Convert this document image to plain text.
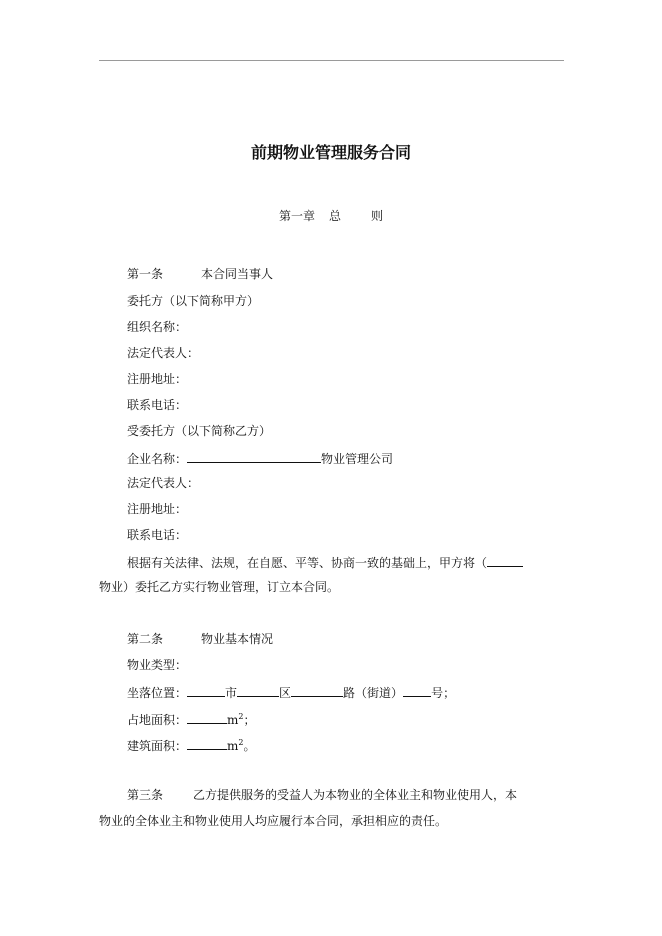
前期物业管理服务合同
第一章 总	则
第一条	本合同当事人
委托方（以下简称甲方）
组织名称：
法定代表人：
注册地址：
联系电话：
受委托方（以下简称乙方）
企业名称：	物业管理公司
法定代表人：
注册地址：
联系电话：
根据有关法律、法规，在自愿、平等、协商一致的基础上，甲方将（
物业）委托乙方实行物业管理，订立本合同。
第二条	物业基本情况
物业类型：
坐落位置：	市	区	路（街道） 号；
占地面积：	$m^2$；
建筑面积：	$m^2$。
第三条	乙方提供服务的受益人为本物业的全体业主和物业使用人，本
物业的全体业主和物业使用人均应履行本合同，承担相应的责任。
